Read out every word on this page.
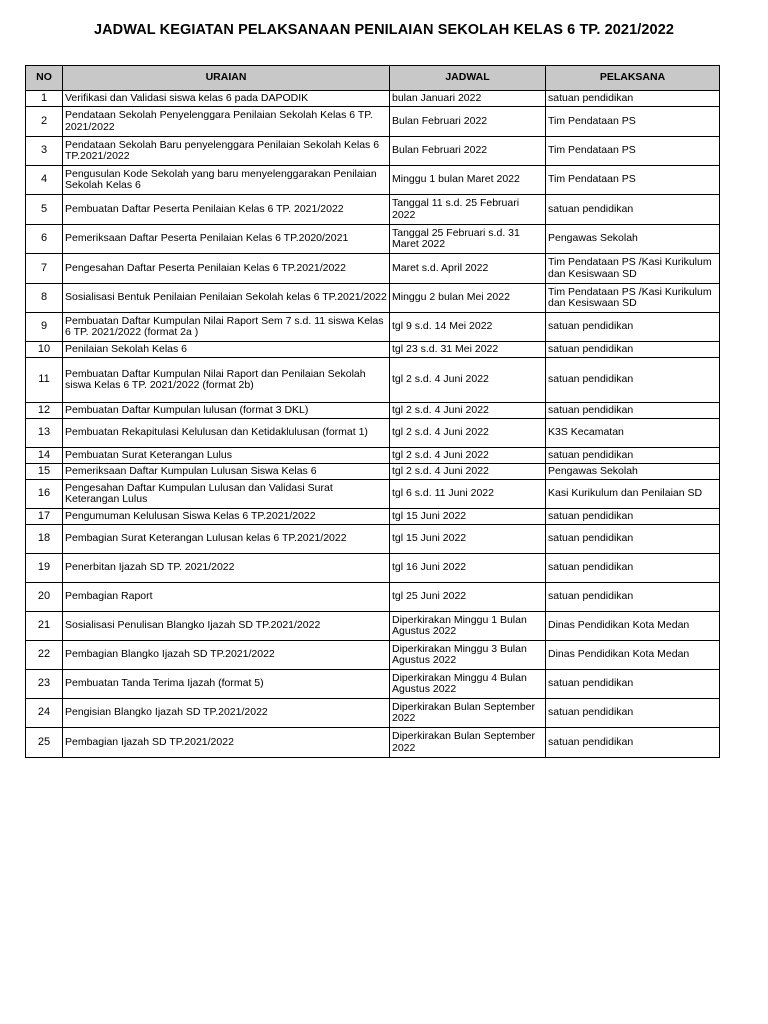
JADWAL KEGIATAN PELAKSANAAN PENILAIAN SEKOLAH KELAS 6 TP. 2021/2022
NO	URAIAN	JADWAL	PELAKSANA
1	Verifikasi dan Validasi siswa kelas 6 pada DAPODIK	bulan Januari 2022	satuan pendidikan
2	Pendataan Sekolah Penyelenggara Penilaian Sekolah Kelas 6 TP. 2021/2022	Bulan Februari 2022	Tim Pendataan PS
3	Pendataan Sekolah Baru penyelenggara Penilaian Sekolah Kelas 6 TP.2021/2022	Bulan Februari 2022	Tim Pendataan PS
4	Pengusulan Kode Sekolah yang baru menyelenggarakan Penilaian Sekolah Kelas 6	Minggu 1 bulan Maret 2022	Tim Pendataan PS
5	Pembuatan Daftar Peserta Penilaian Kelas 6 TP. 2021/2022	Tanggal 11 s.d. 25 Februari 2022	satuan pendidikan
6	Pemeriksaan Daftar Peserta Penilaian Kelas 6 TP.2020/2021	Tanggal 25 Februari s.d. 31 Maret 2022	Pengawas Sekolah
7	Pengesahan Daftar Peserta Penilaian Kelas 6 TP.2021/2022	Maret s.d. April 2022	Tim Pendataan PS /Kasi Kurikulum dan Kesiswaan SD
8	Sosialisasi Bentuk Penilaian Penilaian Sekolah kelas 6 TP.2021/2022	Minggu 2 bulan Mei 2022	Tim Pendataan PS /Kasi Kurikulum dan Kesiswaan SD
9	Pembuatan Daftar Kumpulan Nilai Raport Sem 7 s.d. 11 siswa Kelas 6 TP. 2021/2022 (format 2a )	tgl 9 s.d. 14 Mei 2022	satuan pendidikan
10	Penilaian Sekolah Kelas 6	tgl 23 s.d. 31 Mei 2022	satuan pendidikan
11	Pembuatan Daftar Kumpulan Nilai Raport dan Penilaian Sekolah siswa Kelas 6 TP. 2021/2022 (format 2b)	tgl 2 s.d. 4 Juni 2022	satuan pendidikan
12	Pembuatan Daftar Kumpulan lulusan (format 3 DKL)	tgl 2 s.d. 4 Juni 2022	satuan pendidikan
13	Pembuatan Rekapitulasi Kelulusan dan Ketidaklulusan (format 1)	tgl 2 s.d. 4 Juni 2022	K3S Kecamatan
14	Pembuatan Surat Keterangan Lulus	tgl 2 s.d. 4 Juni 2022	satuan pendidikan
15	Pemeriksaan Daftar Kumpulan Lulusan Siswa Kelas 6	tgl 2 s.d. 4 Juni 2022	Pengawas Sekolah
16	Pengesahan Daftar Kumpulan Lulusan dan Validasi Surat Keterangan Lulus	tgl 6 s.d. 11 Juni 2022	Kasi Kurikulum dan Penilaian SD
17	Pengumuman Kelulusan Siswa Kelas 6 TP.2021/2022	tgl 15 Juni 2022	satuan pendidikan
18	Pembagian Surat Keterangan Lulusan kelas 6 TP.2021/2022	tgl 15 Juni 2022	satuan pendidikan
19	Penerbitan Ijazah SD TP. 2021/2022	tgl 16 Juni 2022	satuan pendidikan
20	Pembagian Raport	tgl 25 Juni 2022	satuan pendidikan
21	Sosialisasi Penulisan Blangko Ijazah SD TP.2021/2022	Diperkirakan Minggu 1 Bulan Agustus 2022	Dinas Pendidikan Kota Medan
22	Pembagian Blangko Ijazah SD TP.2021/2022	Diperkirakan Minggu 3 Bulan Agustus 2022	Dinas Pendidikan Kota Medan
23	Pembuatan Tanda Terima Ijazah (format 5)	Diperkirakan Minggu 4 Bulan Agustus 2022	satuan pendidikan
24	Pengisian Blangko Ijazah SD TP.2021/2022	Diperkirakan Bulan September 2022	satuan pendidikan
25	Pembagian Ijazah SD TP.2021/2022	Diperkirakan Bulan September 2022	satuan pendidikan
